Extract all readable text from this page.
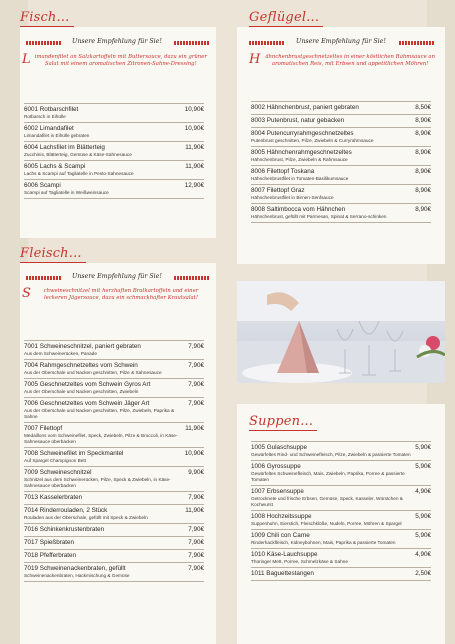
Fisch...
Unsere Empfehlung für Sie!
Limandenfilet an Salzkartoffeln mit Buttersauce, dazu ein grüner Salat mit einem aromatischen Zitronen-Sahne-Dressing!
6001 Rotbarschfilet	10,90€
Rotbarsch in Eihülle
6002 Limandafilet	10,90€
Limandafilet in Eihülle gebraten
6004 Lachsfilet im Blätterteig	11,90€
Zucchinis, Blätterteig, Gemüse & Käse-Sahnesauce
6005 Lachs & Scampi	11,90€
Lachs & Scampi auf Tagliatelle in Pesto-Sahnesauce
6006 Scampi	12,90€
Scampi auf Tagliatelle in Weißweinsauce
Geflügel...
Unsere Empfehlung für Sie!
Hähnchenbrustgeschnetzeltes in einer köstlichen Rahmsauce an aromatischen Reis, mit Erbsen und appetitlichen Möhren!
8002 Hähnchenbrust, paniert gebraten	8,50€
8003 Putenbrust, natur gebacken	8,90€
8004 Putencurryrahmgeschnetzeltes	8,90€
Putenbrust geschnitten, Pilze, Zwiebeln & Curryrahmsauce
8005 Hähnchenrahmgeschnetzeltes	8,90€
Hähnchenbrust, Pilze, Zwiebeln & Rahmsauce
8006 Filettopf Toskana	8,90€
Hähnchenbrustfilet in Tomaten-Basilikumsauce
8007 Filettopf Graz	8,90€
Hähnchenbrustfilet in Birnen-Senfsauce
8008 Saltimbocca vom Hähnchen	8,90€
Hähnchenbrust, gefüllt mit Parmesan, Spinat & Serrano-schinken
Fleisch...
Unsere Empfehlung für Sie!
S chweineschnitzel mit herzhaften Bratkartoffeln und einer leckeren Jägersauce, dazu ein schmackhafter Krautsalat!
7001 Schweineschnitzel, paniert gebraten	7,90€
Aus dem Schweinerücken, Panade
7004 Rahmgeschnetzeltes vom Schwein	7,90€
Aus der Oberschale und Nacken geschnitten, Pilze & Sahnesauce
7005 Geschnetzeltes vom Schwein Gyros Art	7,90€
Aus der Oberschale und Nacken geschnitten, Zwiebeln
7006 Geschnetzeltes vom Schwein Jäger Art	7,90€
Aus der Oberschale und Nacken geschnitten, Pilze, Zwiebeln, Paprika & Sahne
7007 Filettopf	11,90€
Medaillons vom Schweinefilet, Speck, Zwiebeln, Pilze & Broccoli, in Käse-Sahnesauce überbacken
7008 Schweinefilet im Speckmantel	10,90€
Auf Spargel Champignon Bett
7009 Schweineschnitzel	9,90€
Schnitzel aus dem Schweinerücken, Pilze, Speck & Zwiebeln, in Käse-Sahnesauce überbacken
7013 Kasselerbraten	7,90€
7014 Rinderrouladen, 2 Stück	11,90€
Rouladen aus der Oberschale, gefüllt mit Speck & Zwiebeln
7016 Schinkenkrustenbraten	7,90€
7017 Spießbraten	7,90€
7018 Pfefferbraten	7,90€
7019 Schweinenackenbraten, gefüllt	7,90€
Schweinenackenbraten, Hackmischung & Gemüse
1005 Gulaschsuppe	5,90€
Gewürfeltes Rind- und Schweinefleisch, Pilze, Zwiebeln & passierte Tomaten
1006 Gyrossuppe	5,90€
Gewürfeltes Schweinefleisch, Mais, Zwiebeln, Paprika, Porree & passierte Tomaten
1007 Erbsensuppe	4,90€
Getrocknete und frische Erbsen, Gemüse, Speck, Kasseler, Würstchen & Kochwurst
1008 Hochzeitssuppe	5,90€
Suppenhuhn, Eierstich, Fleischklöße, Nudeln, Porree, Möhren & Spargel
1009 Chili con Carne	5,90€
Rinderhackfleisch, Kidneybohnen, Mais, Paprika & passierte Tomaten
1010 Käse-Lauchsuppe	4,90€
Thüringer Mett, Porree, Schmelzkäse & Sahne
1011 Baguettestangen	2,50€
Suppen...
